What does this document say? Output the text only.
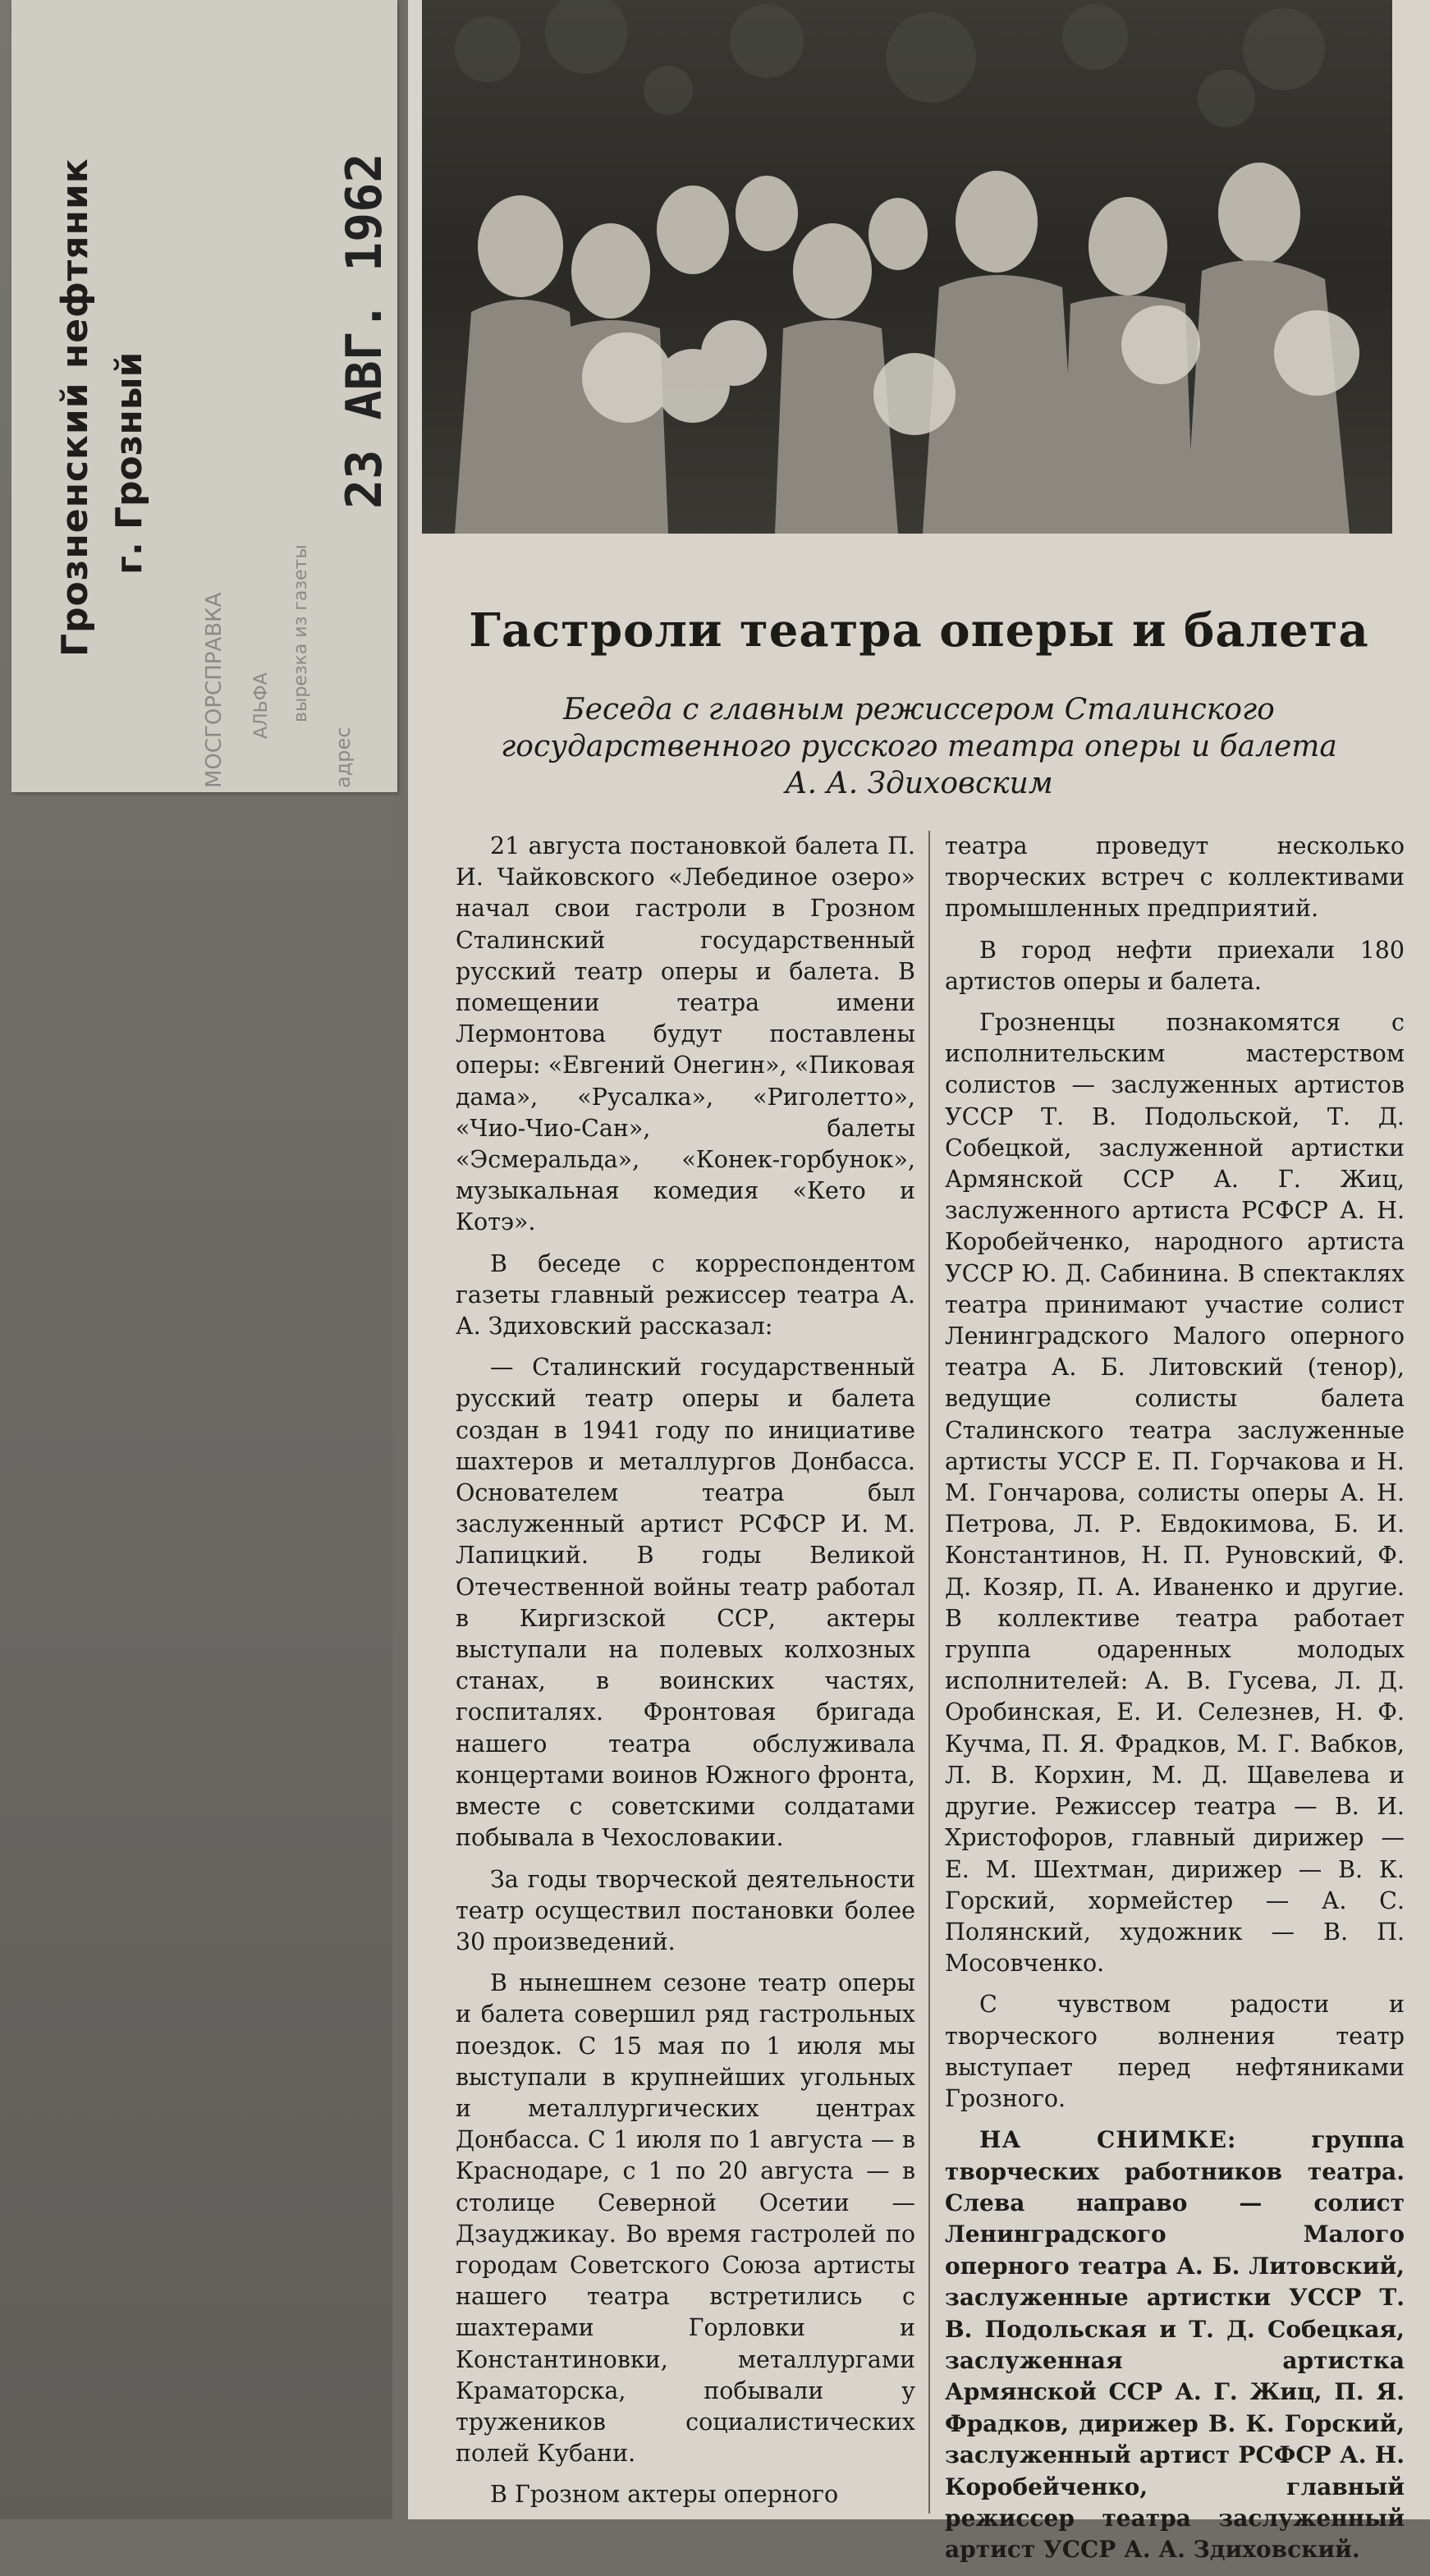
Грозненский нефтяник г. Грозный
МОСГОРСПРАВКА АЛЬФА вырезка из газеты
адрес
23 АВГ. 1962
Гастроли театра оперы и балета
Беседа с главным режиссером Сталинского
государственного русского театра оперы и балета
А. А. Здиховским

21 августа постановкой балета П. И. Чайковского «Лебединое озеро» начал свои гастроли в Грозном Сталинский государственный русский театр оперы и балета. В помещении театра имени Лермонтова будут поставлены оперы: «Евгений Онегин», «Пиковая дама», «Русалка», «Риголетто», «Чио-Чио-Сан», балеты «Эсмеральда», «Конек-горбунок», музыкальная комедия «Кето и Котэ».

В беседе с корреспондентом газеты главный режиссер театра А. А. Здиховский рассказал:

— Сталинский государственный русский театр оперы и балета создан в 1941 году по инициативе шахтеров и металлургов Донбасса. Основателем театра был заслуженный артист РСФСР И. М. Лапицкий. В годы Великой Отечественной войны театр работал в Киргизской ССР, актеры выступали на полевых колхозных станах, в воинских частях, госпиталях. Фронтовая бригада нашего театра обслуживала концертами воинов Южного фронта, вместе с советскими солдатами побывала в Чехословакии.

За годы творческой деятельности театр осуществил постановки более 30 произведений.

В нынешнем сезоне театр оперы и балета совершил ряд гастрольных поездок. С 15 мая по 1 июля мы выступали в крупнейших угольных и металлургических центрах Донбасса. С 1 июля по 1 августа — в Краснодаре, с 1 по 20 августа — в столице Северной Осетии — Дзауджикау. Во время гастролей по городам Советского Союза артисты нашего театра встретились с шахтерами Горловки и Константиновки, металлургами Краматорска, побывали у тружеников социалистических полей Кубани.

В Грозном актеры оперного

театра проведут несколько творческих встреч с коллективами промышленных предприятий.

В город нефти приехали 180 артистов оперы и балета.

Грозненцы познакомятся с исполнительским мастерством солистов — заслуженных артистов УССР Т. В. Подольской, Т. Д. Собецкой, заслуженной артистки Армянской ССР А. Г. Жиц, заслуженного артиста РСФСР А. Н. Коробейченко, народного артиста УССР Ю. Д. Сабинина. В спектаклях театра принимают участие солист Ленинградского Малого оперного театра А. Б. Литовский (тенор), ведущие солисты балета Сталинского театра заслуженные артисты УССР Е. П. Горчакова и Н. М. Гончарова, солисты оперы А. Н. Петрова, Л. Р. Евдокимова, Б. И. Константинов, Н. П. Руновский, Ф. Д. Козяр, П. А. Иваненко и другие. В коллективе театра работает группа одаренных молодых исполнителей: А. В. Гусева, Л. Д. Оробинская, Е. И. Селезнев, Н. Ф. Кучма, П. Я. Фрадков, М. Г. Вабков, Л. В. Корхин, М. Д. Щавелева и другие. Режиссер театра — В. И. Христофоров, главный дирижер — Е. М. Шехтман, дирижер — В. К. Горский, хормейстер — А. С. Полянский, художник — В. П. Мосовченко.

С чувством радости и творческого волнения театр выступает перед нефтяниками Грозного.

НА СНИМКЕ:	группа творческих работников театра. Слева направо — солист Ленинградского Малого оперного театра А. Б. Литовский, заслуженные артистки УССР Т. В. Подольская и Т. Д. Собецкая, заслуженная артистка Армянской ССР А. Г. Жиц, П. Я. Фрадков, дирижер В. К. Горский, заслуженный артист РСФСР А. Н. Коробейченко, главный режиссер театра заслуженный артист УССР А. А. Здиховский.
